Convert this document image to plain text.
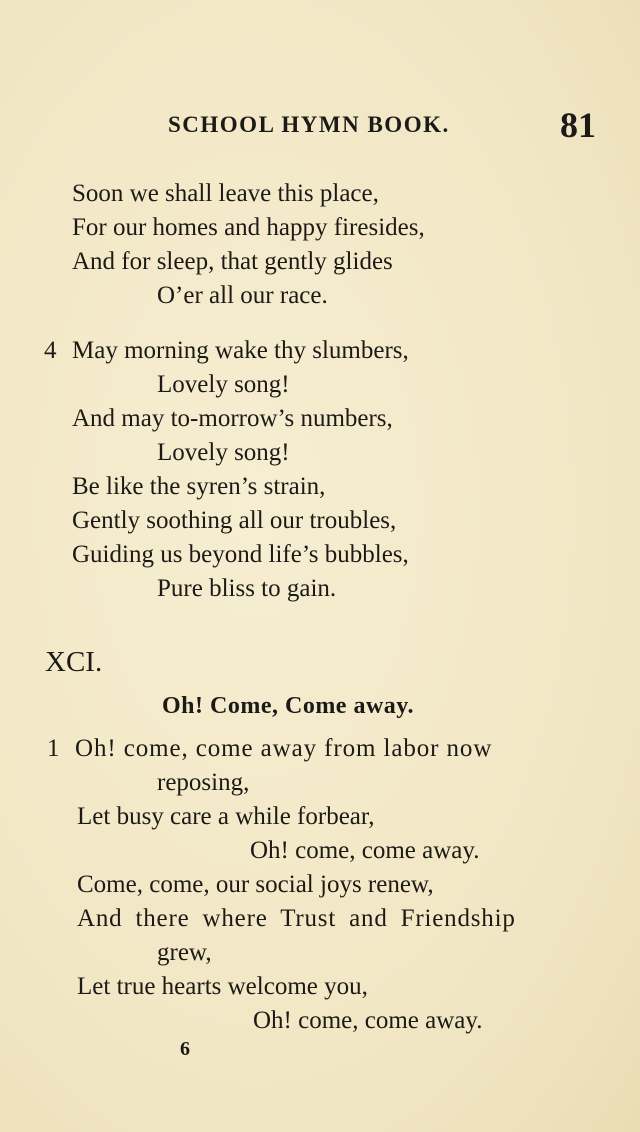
SCHOOL HYMN BOOK.	81
Soon we shall leave this place,
For our homes and happy firesides,
And for sleep, that gently glides
O’er all our race.
4 May morning wake thy slumbers,
Lovely song!
And may to-morrow’s numbers,
Lovely song!
Be like the syren’s strain,
Gently soothing all our troubles,
Guiding us beyond life’s bubbles,
Pure bliss to gain.
XCI.
Oh! Come, Come away.
1 Oh! come, come away from labor now
reposing,
Let busy care a while forbear,
Oh! come, come away.
Come, come, our social joys renew,
And there where Trust and Friendship
grew,
Let true hearts welcome you,
Oh! come, come away.
6
